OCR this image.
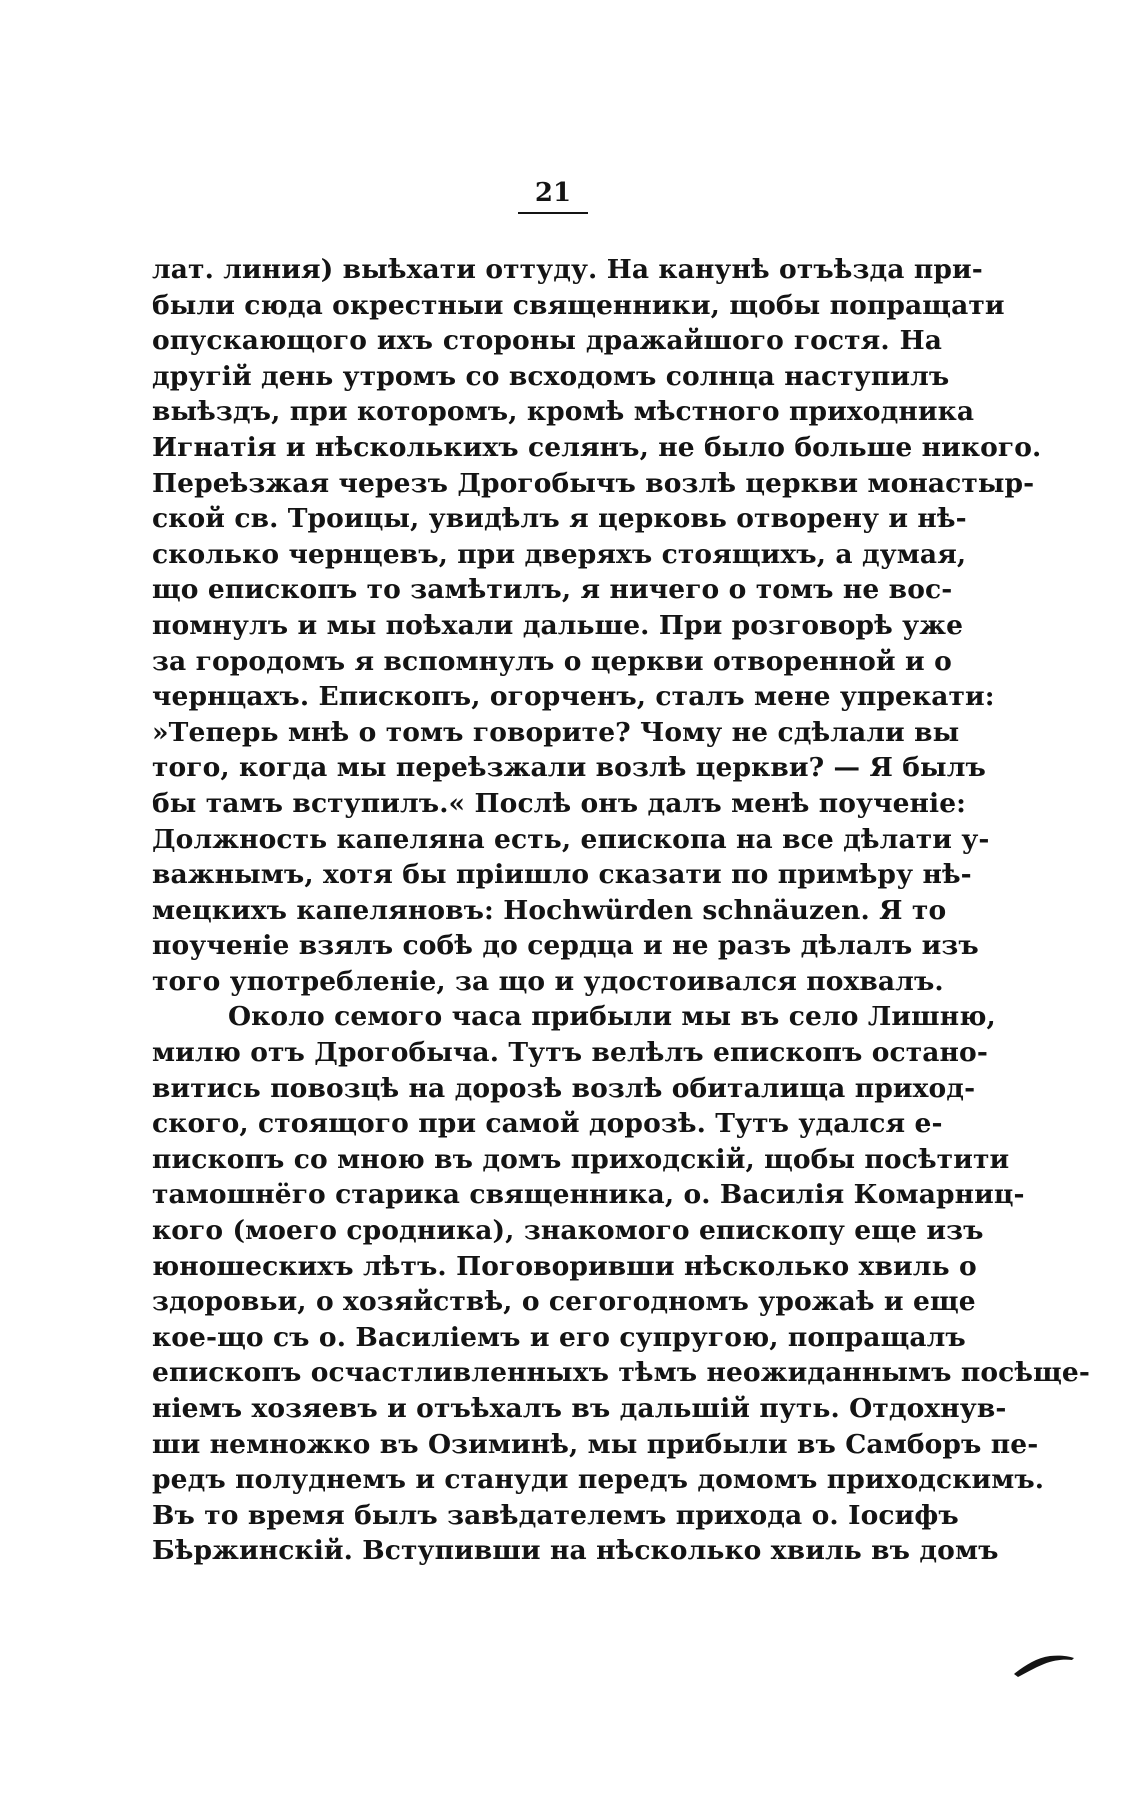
21
лат. линия) выѣхати оттуду. На канунѣ отъѣзда при-
были сюда окрестныи священники, щобы попращати
опускающого ихъ стороны дражайшого гостя. На
другій день утромъ со всходомъ солнца наступилъ
выѣздъ, при которомъ, кромѣ мѣстного приходника
Игнатія и нѣсколькихъ селянъ, не было больше никого.
Переѣзжая черезъ Дрогобычъ возлѣ церкви монастыр-
ской св. Троицы, увидѣлъ я церковь отворену и нѣ-
сколько чернцевъ, при дверяхъ стоящихъ, а думая,
що епископъ то замѣтилъ, я ничего о томъ не вос-
помнулъ и мы поѣхали дальше. При розговорѣ уже
за городомъ я вспомнулъ о церкви отворенной и о
чернцахъ. Епископъ, огорченъ, сталъ мене упрекати:
»Теперь мнѣ о томъ говорите? Чому не сдѣлали вы
того, когда мы переѣзжали возлѣ церкви? — Я былъ
бы тамъ вступилъ.« Послѣ онъ далъ менѣ поученіе:
Должность капеляна есть, епископа на все дѣлати у-
важнымъ, хотя бы пріишло сказати по примѣру нѣ-
мецкихъ капеляновъ: Hochwürden schnäuzen. Я то
поученіе взялъ собѣ до сердца и не разъ дѣлалъ изъ
того употребленіе, за що и удостоивался похвалъ.
Около семого часа прибыли мы въ село Лишню,
милю отъ Дрогобыча. Тутъ велѣлъ епископъ остано-
витись повозцѣ на дорозѣ возлѣ обиталища приход-
ского, стоящого при самой дорозѣ. Тутъ удался е-
пископъ со мною въ домъ приходскій, щобы посѣтити
тамошнёго старика священника, о. Василія Комарниц-
кого (моего сродника), знакомого епископу еще изъ
юношескихъ лѣтъ. Поговоривши нѣсколько хвиль о
здоровьи, о хозяйствѣ, о сегогодномъ урожаѣ и еще
кое-що съ о. Василіемъ и его супругою, попращалъ
епископъ осчастливленныхъ тѣмъ неожиданнымъ посѣще-
ніемъ хозяевъ и отъѣхалъ въ дальшій путь. Отдохнув-
ши немножко въ Озиминѣ, мы прибыли въ Самборъ пе-
редъ полуднемъ и стануди передъ домомъ приходскимъ.
Въ то время былъ завѣдателемъ прихода о. Іосифъ
Бѣржинскій. Вступивши на нѣсколько хвиль въ домъ
